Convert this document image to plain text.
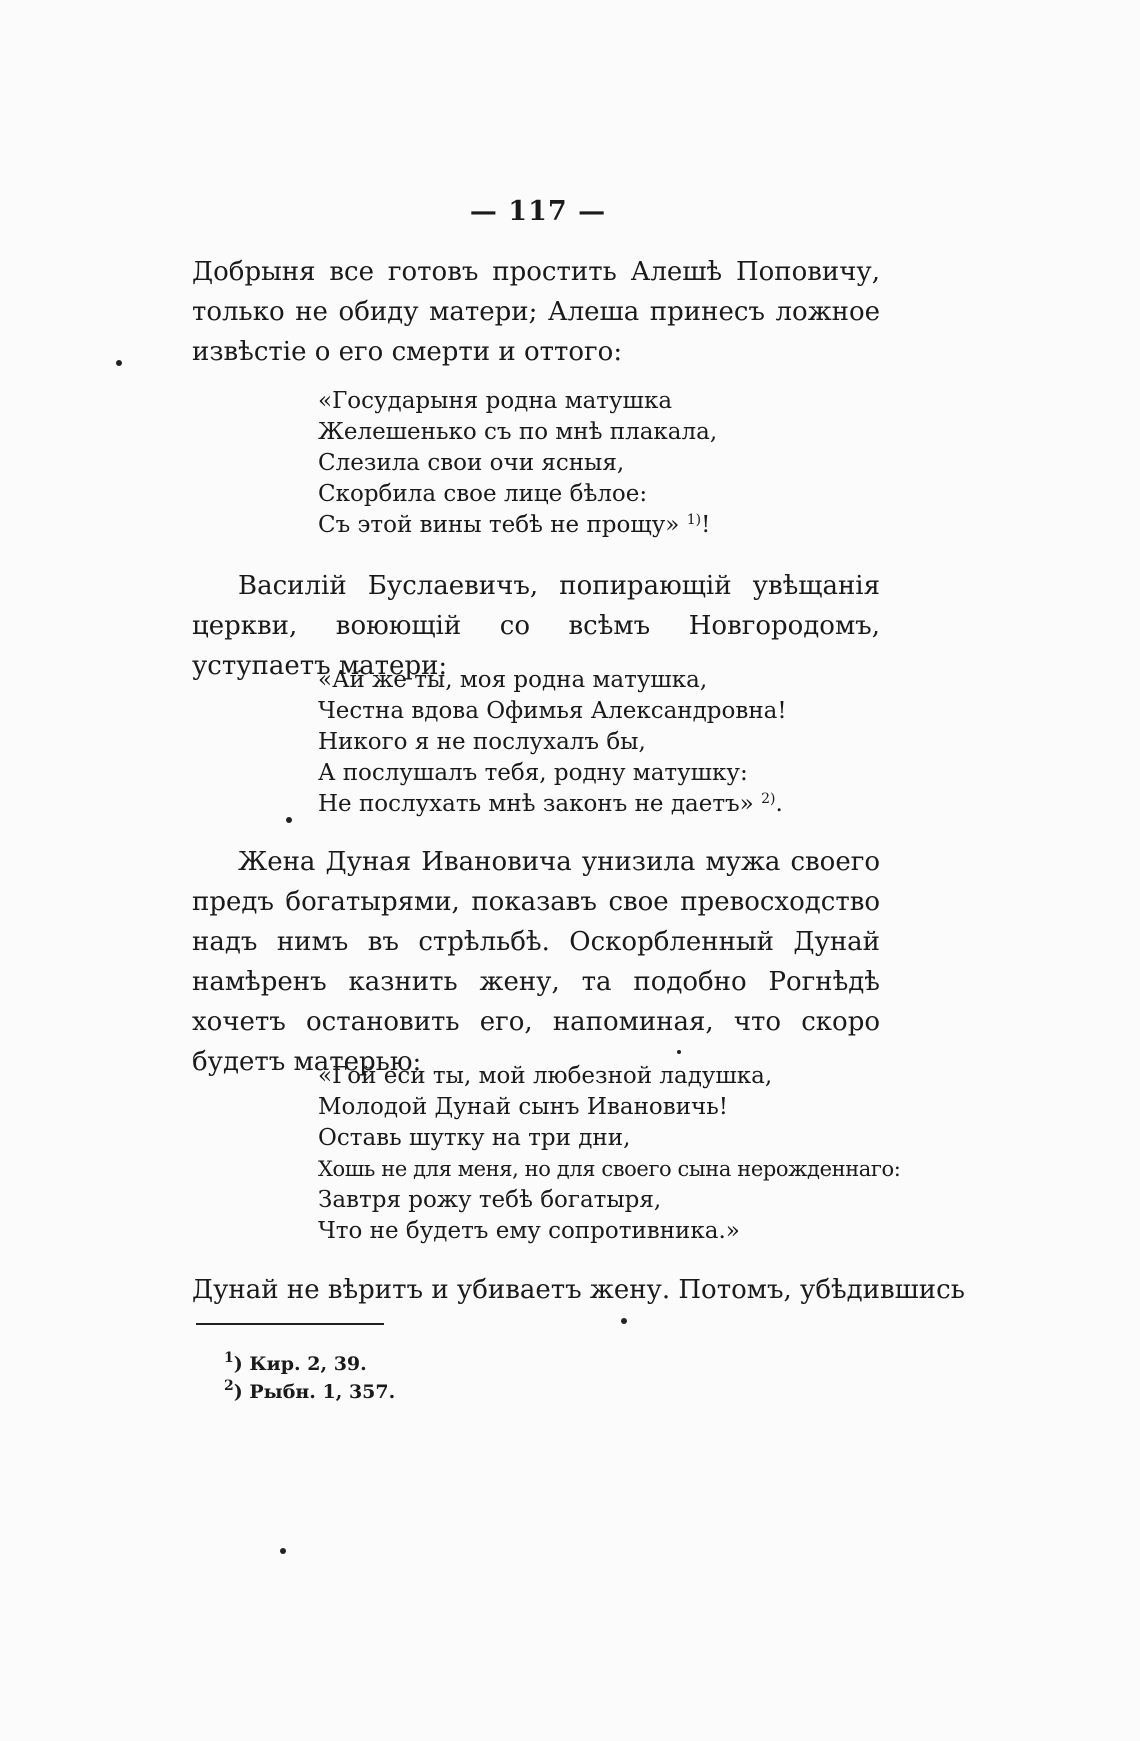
— 117 —

Добрыня все готовъ простить Алешѣ Поповичу, только не обиду матери; Алеша принесъ ложное извѣстіе о его смерти и оттого:

«Государыня родна матушка
Желешенько съ по мнѣ плакала,
Слезила свои очи ясныя,
Скорбила свое лице бѣлое:
Съ этой вины тебѣ не прощу» $^{1)}$!

Василій Буслаевичъ, попирающій увѣщанія церкви, воюющій со всѣмъ Новгородомъ, уступаетъ матери:

«Ай же ты, моя родна матушка,
Честна вдова Офимья Александровна!
Никого я не послухалъ бы,
А послушалъ тебя, родну матушку:
Не послухать мнѣ законъ не даетъ» $^{2)}$.

Жена Дуная Ивановича унизила мужа своего предъ богатырями, показавъ свое превосходство надъ нимъ въ стрѣльбѣ. Оскорбленный Дунай намѣренъ казнить жену, та подобно Рогнѣдѣ хочетъ остановить его, напоминая, что скоро будетъ матерью:

«Гой еси ты, мой любезной ладушка,
Молодой Дунай сынъ Ивановичь!
Оставь шутку на три дни,
Хошь не для меня, но для своего сына нерожденнаго:
Завтря рожу тебѣ богатыря,
Что не будетъ ему сопротивника.»

Дунай не вѣритъ и убиваетъ жену. Потомъ, убѣдившись

$^1$) Кир. 2, 39.
$^2$) Рыбн. 1, 357.
